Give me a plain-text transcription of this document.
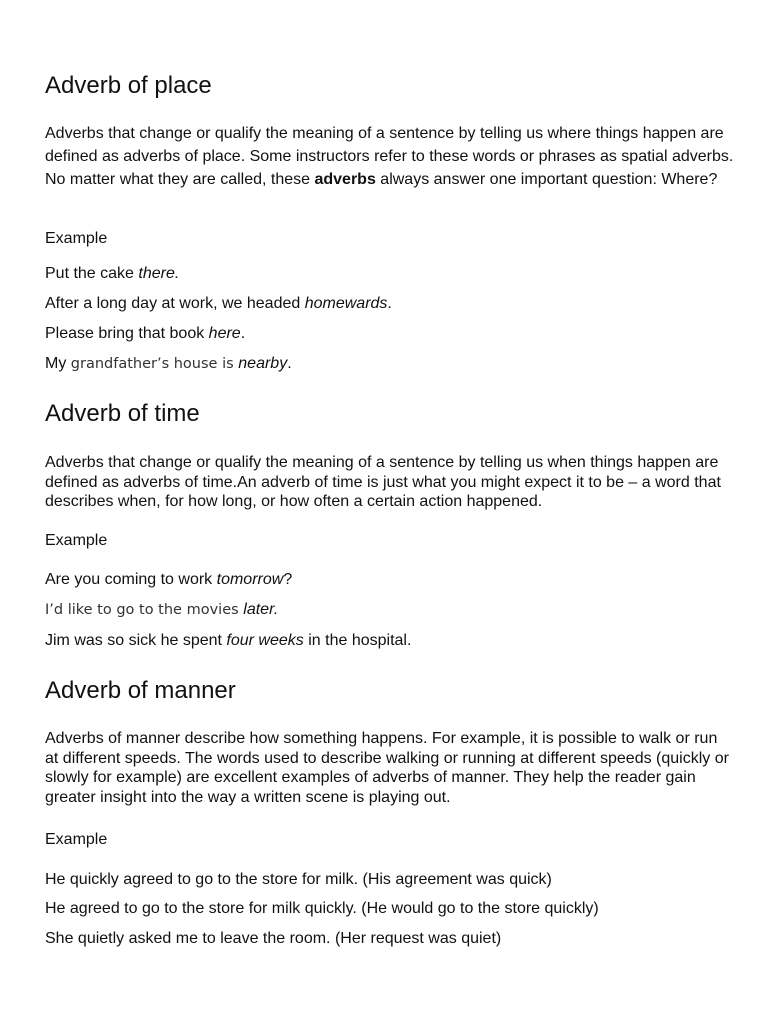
Adverb of place

Adverbs that change or qualify the meaning of a sentence by telling us where things happen are defined as adverbs of place. Some instructors refer to these words or phrases as spatial adverbs. No matter what they are called, these adverbs always answer one important question: Where?

Example
Put the cake there.
After a long day at work, we headed homewards.
Please bring that book here.
My grandfather’s house is nearby.
Adverb of time

Adverbs that change or qualify the meaning of a sentence by telling us when things happen are defined as adverbs of time.An adverb of time is just what you might expect it to be – a word that describes when, for how long, or how often a certain action happened.

Example
Are you coming to work tomorrow?
I’d like to go to the movies later.
Jim was so sick he spent four weeks in the hospital.
Adverb of manner

Adverbs of manner describe how something happens. For example, it is possible to walk or run at different speeds. The words used to describe walking or running at different speeds (quickly or slowly for example) are excellent examples of adverbs of manner. They help the reader gain greater insight into the way a written scene is playing out.

Example
He quickly agreed to go to the store for milk. (His agreement was quick)
He agreed to go to the store for milk quickly. (He would go to the store quickly)
She quietly asked me to leave the room. (Her request was quiet)
